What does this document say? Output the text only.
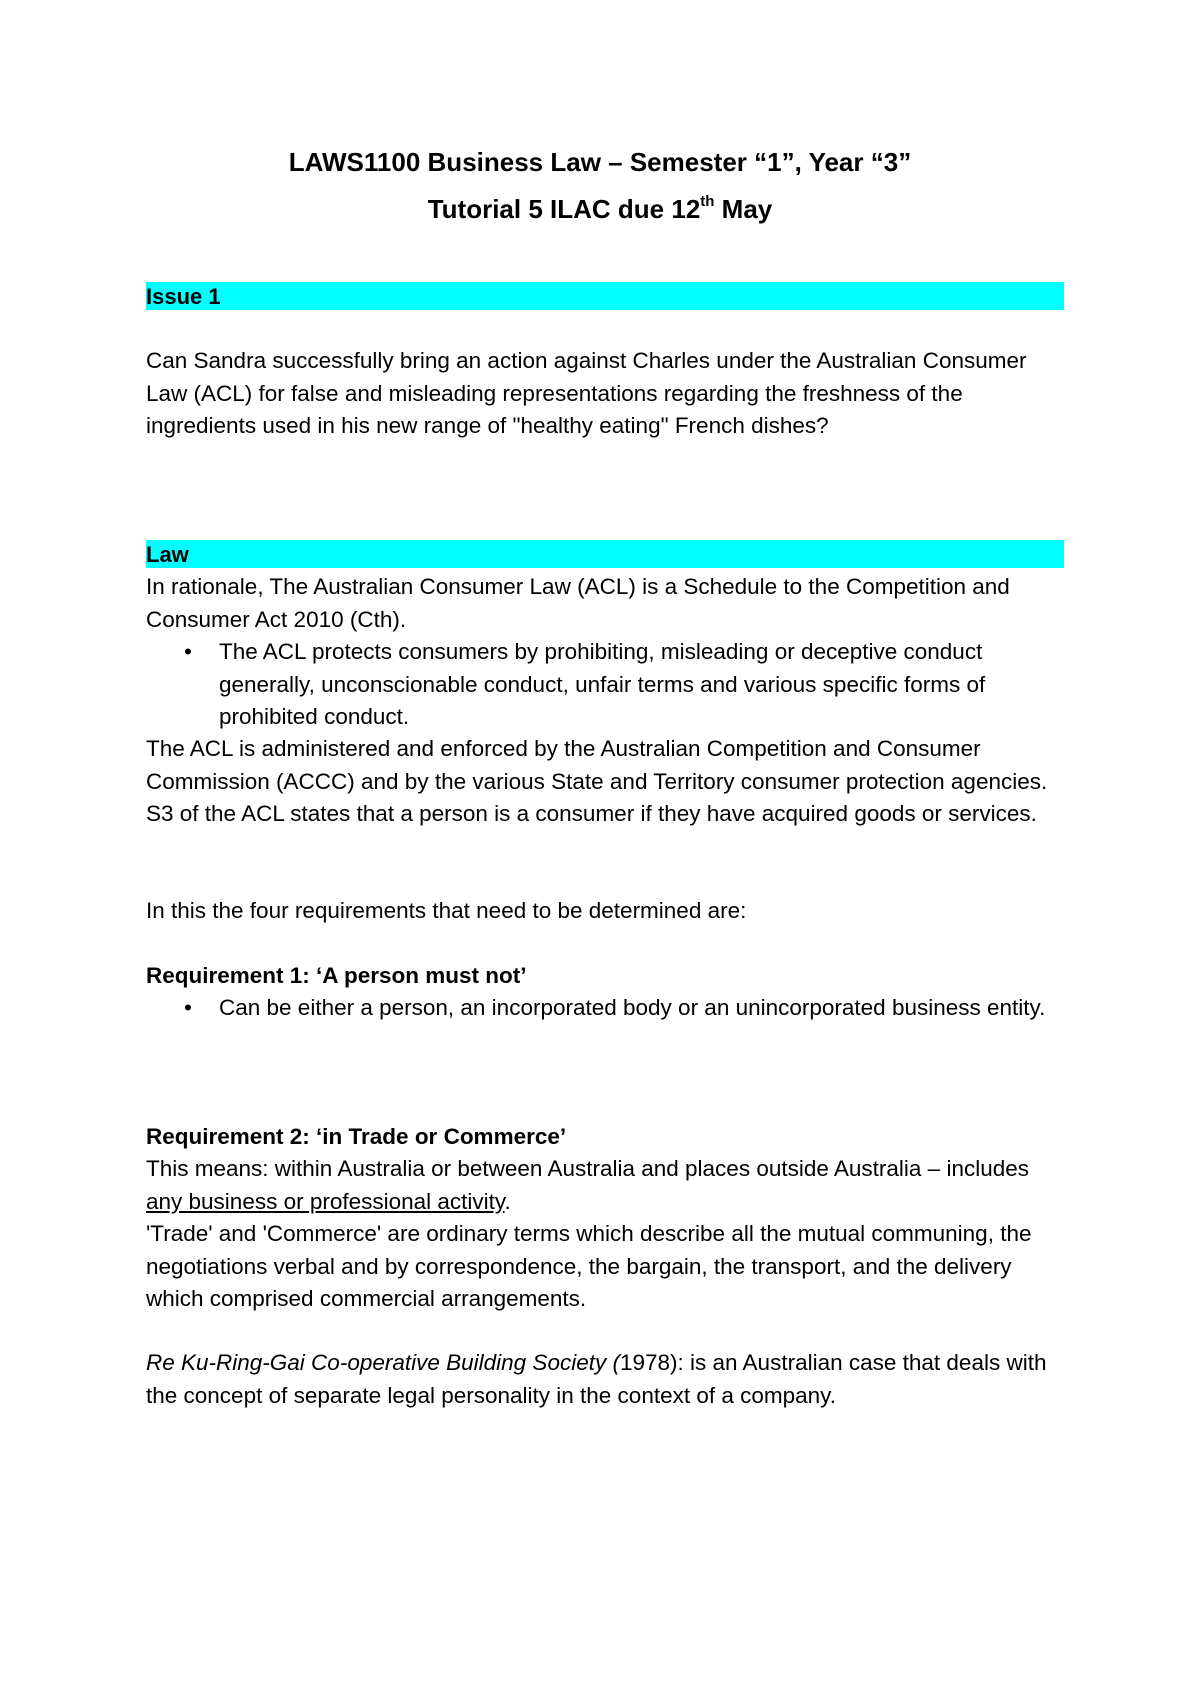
LAWS1100 Business Law – Semester “1”, Year “3”
Tutorial 5 ILAC due 12th May
Issue 1

Can Sandra successfully bring an action against Charles under the Australian Consumer Law (ACL) for false and misleading representations regarding the freshness of the ingredients used in his new range of "healthy eating" French dishes?

Law

In rationale, The Australian Consumer Law (ACL) is a Schedule to the Competition and Consumer Act 2010 (Cth).

• The ACL protects consumers by prohibiting, misleading or deceptive conduct generally, unconscionable conduct, unfair terms and various specific forms of prohibited conduct.

The ACL is administered and enforced by the Australian Competition and Consumer Commission (ACCC) and by the various State and Territory consumer protection agencies. S3 of the ACL states that a person is a consumer if they have acquired goods or services.

In this the four requirements that need to be determined are:

Requirement 1: ‘A person must not’

• Can be either a person, an incorporated body or an unincorporated business entity.

Requirement 2: ‘in Trade or Commerce’

This means: within Australia or between Australia and places outside Australia – includes any business or professional activity.

'Trade' and 'Commerce' are ordinary terms which describe all the mutual communing, the negotiations verbal and by correspondence, the bargain, the transport, and the delivery which comprised commercial arrangements.

Re Ku-Ring-Gai Co-operative Building Society (1978): is an Australian case that deals with the concept of separate legal personality in the context of a company.
